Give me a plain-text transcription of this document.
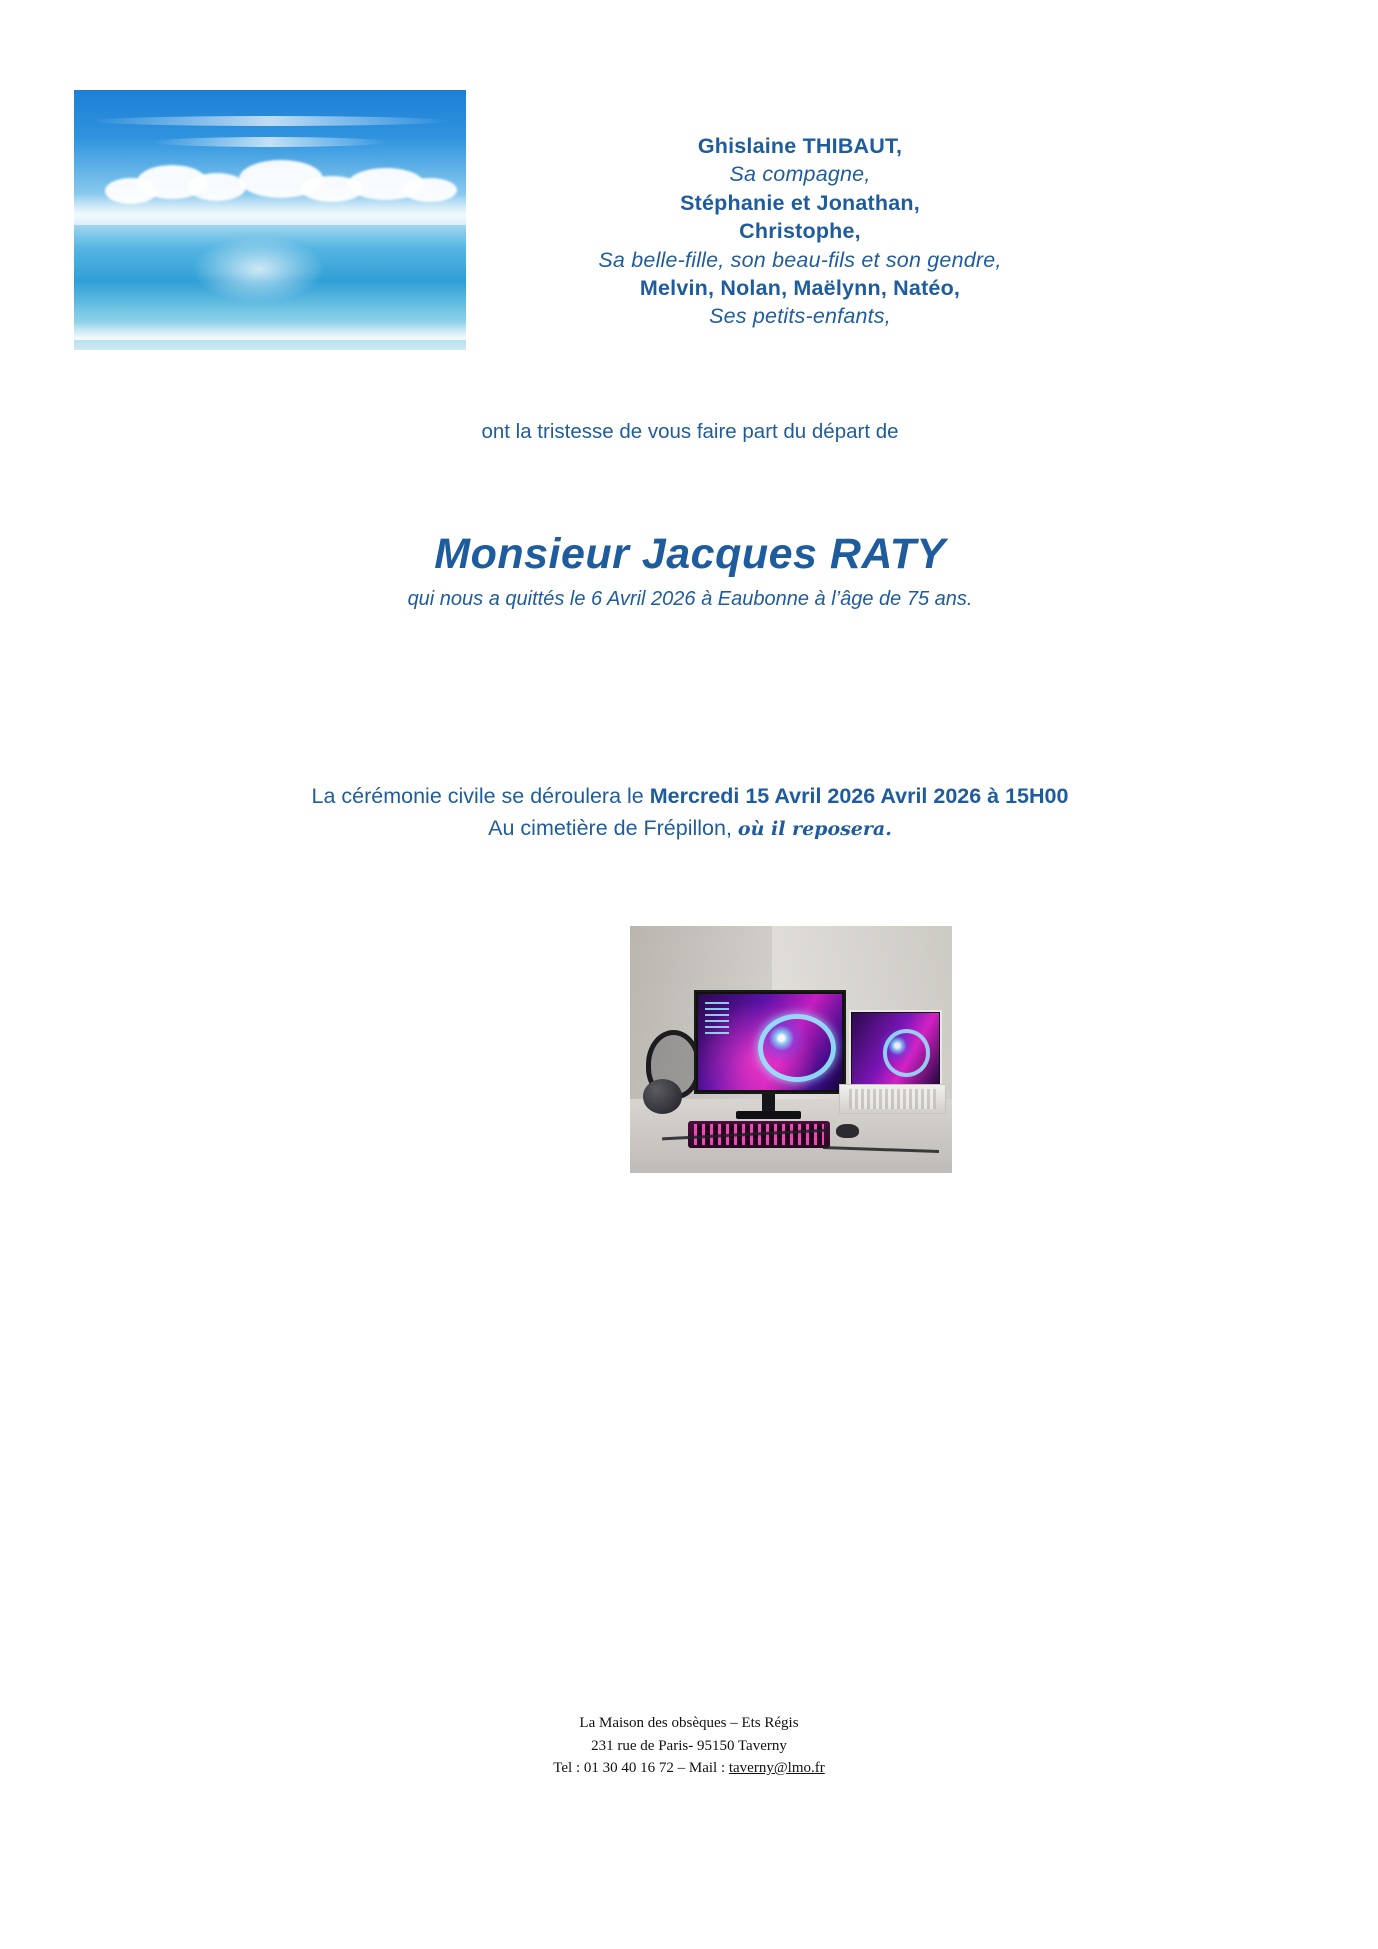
Ghislaine THIBAUT,
Sa compagne,
Stéphanie et Jonathan,
Christophe,
Sa belle-fille, son beau-fils et son gendre,
Melvin, Nolan, Maëlynn, Natéo,
Ses petits-enfants,
ont la tristesse de vous faire part du départ de
Monsieur Jacques RATY
qui nous a quittés le 6 Avril 2026 à Eaubonne à l’âge de 75 ans.
La cérémonie civile se déroulera le Mercredi 15 Avril 2026 Avril 2026 à 15H00
Au cimetière de Frépillon, où il reposera.
La Maison des obsèques – Ets Régis
231 rue de Paris- 95150 Taverny
Tel : 01 30 40 16 72 – Mail : taverny@lmo.fr
